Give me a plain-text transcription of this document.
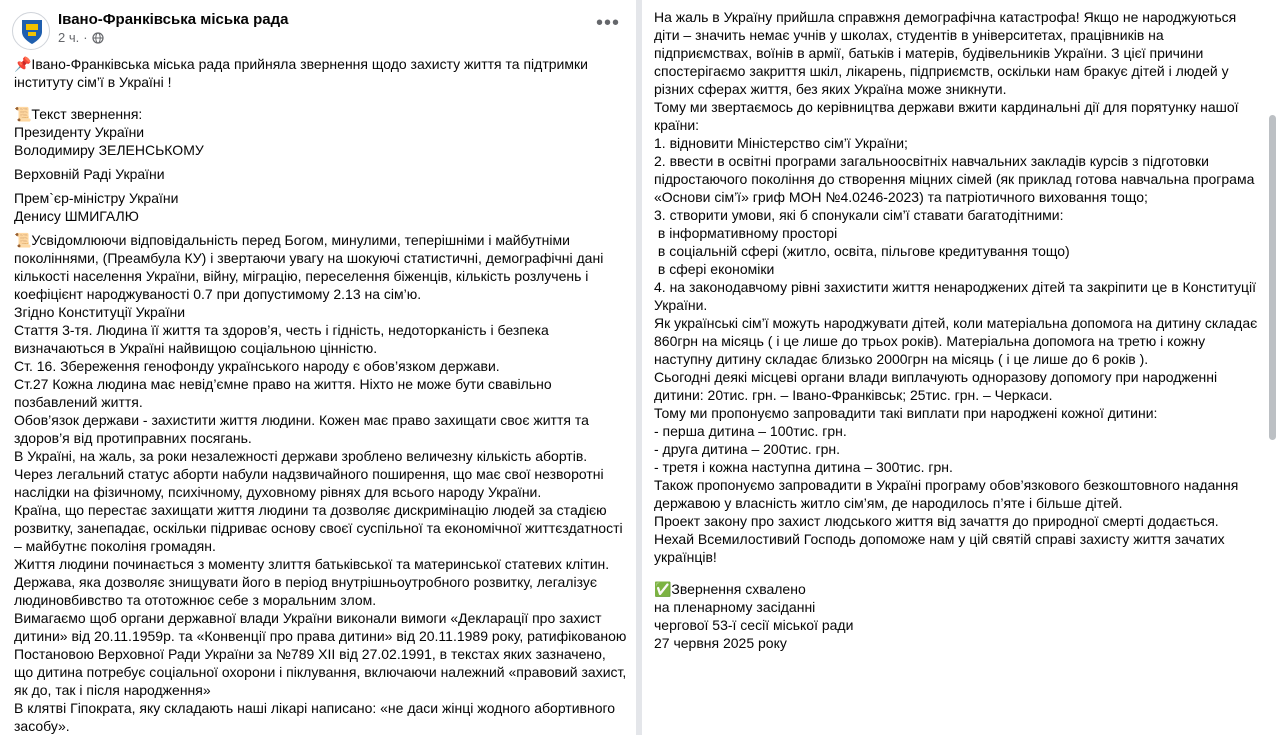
Івано-Франківська міська рада
2 ч. ·
•••

📌Івано-Франківська міська рада прийняла звернення щодо захисту життя та підтримки інституту сім’ї в Україні !

📜Текст звернення:

Президенту України

Володимиру ЗЕЛЕНСЬКОМУ

Верховній Раді України

Прем`єр-міністру України

Денису ШМИГАЛЮ

📜Усвідомлюючи відповідальність перед Богом, минулими, теперішніми і майбутніми поколіннями, (Преамбула КУ) і звертаючи увагу на шокуючі статистичні, демографічні дані кількості населення України, війну, міграцію, переселення біженців, кількість розлучень і коефіцієнт народжуваності 0.7 при допустимому 2.13 на сім’ю.

Згідно Конституції України

Стаття 3-тя. Людина її життя та здоров’я, честь і гідність, недоторканість і безпека визначаються в Україні найвищою соціальною цінністю.

Ст. 16. Збереження генофонду українського народу є обов’язком держави.

Ст.27 Кожна людина має невід’ємне право на життя. Ніхто не може бути свавільно позбавлений життя.

Обов’язок держави - захистити життя людини. Кожен має право захищати своє життя та здоров’я від протиправних посягань.

В Україні, на жаль, за роки незалежності держави зроблено величезну кількість абортів.

Через легальний статус аборти набули надзвичайного поширення, що має свої незворотні наслідки на фізичному, психічному, духовному рівнях для всього народу України.

Країна, що перестає захищати життя людини та дозволяє дискримінацію людей за стадією розвитку, занепадає, оскільки підриває основу своєї суспільної та економічної життєздатності – майбутнє поколіня громадян.

Життя людини починається з моменту злиття батьківської та материнської статевих клітин.

Держава, яка дозволяє знищувати його в період внутрішньоутробного розвитку, легалізує людиновбивство та ототожнює себе з моральним злом.

Вимагаємо щоб органи державної влади України виконали вимоги «Декларації про захист дитини» від 20.11.1959р. та «Конвенції про права дитини» від 20.11.1989 року, ратифікованою Постановою Верховної Ради України за №789 XII від 27.02.1991, в текстах яких зазначено, що дитина потребує соціальної охорони і піклування, включаючи належний «правовий захист, як до, так і після народження»

В клятві Гіпократа, яку складають наші лікарі написано: «не даси жінці жодного абортивного засобу».

На жаль в Україну прийшла справжня демографічна катастрофа! Якщо не народжуються діти – значить немає учнів у школах, студентів в університетах, працівників на підприємствах, воїнів в армії, батьків і матерів, будівельників України. З цієї причини спостерігаємо закриття шкіл, лікарень, підприємств, оскільки нам бракує дітей і людей у різних сферах життя, без яких Україна може зникнути.

Тому ми звертаємось до керівництва держави вжити кардинальні дії для порятунку нашої країни:

1. відновити Міністерство сім’ї України;

2. ввести в освітні програми загальноосвітніх навчальних закладів курсів з підготовки підростаючого покоління до створення міцних сімей (як приклад готова навчальна програма «Основи сім’ї» гриф МОН №4.0246-2023) та патріотичного виховання тощо;

3. створити умови, які б спонукали сім’ї ставати багатодітними:

в інформативному просторі

в соціальній сфері (житло, освіта, пільгове кредитування тощо)

в сфері економіки

4. на законодавчому рівні захистити життя ненароджених дітей та закріпити це в Конституції України.

Як українські сім’ї можуть народжувати дітей, коли матеріальна допомога на дитину складає 860грн на місяць ( і це лише до трьох років). Матеріальна допомога на третю і кожну наступну дитину складає близько 2000грн на місяць ( і це лише до 6 років ).

Сьогодні деякі місцеві органи влади виплачують одноразову допомогу при народженні дитини: 20тис. грн. – Івано-Франківськ; 25тис. грн. – Черкаси.

Тому ми пропонуємо запровадити такі виплати при народжені кожної дитини:

- перша дитина – 100тис. грн.

- друга дитина – 200тис. грн.

- третя і кожна наступна дитина – 300тис. грн.

Також пропонуємо запровадити в Україні програму обов’язкового безкоштовного надання державою у власність житло сім’ям, де народилось п’яте і більше дітей.

Проект закону про захист людського життя від зачаття до природної смерті додається.

Нехай Всемилостивий Господь допоможе нам у цій святій справі захисту життя зачатих українців!

✅Звернення схвалено

на пленарному засіданні

чергової 53-ї сесії міської ради

27 червня 2025 року
